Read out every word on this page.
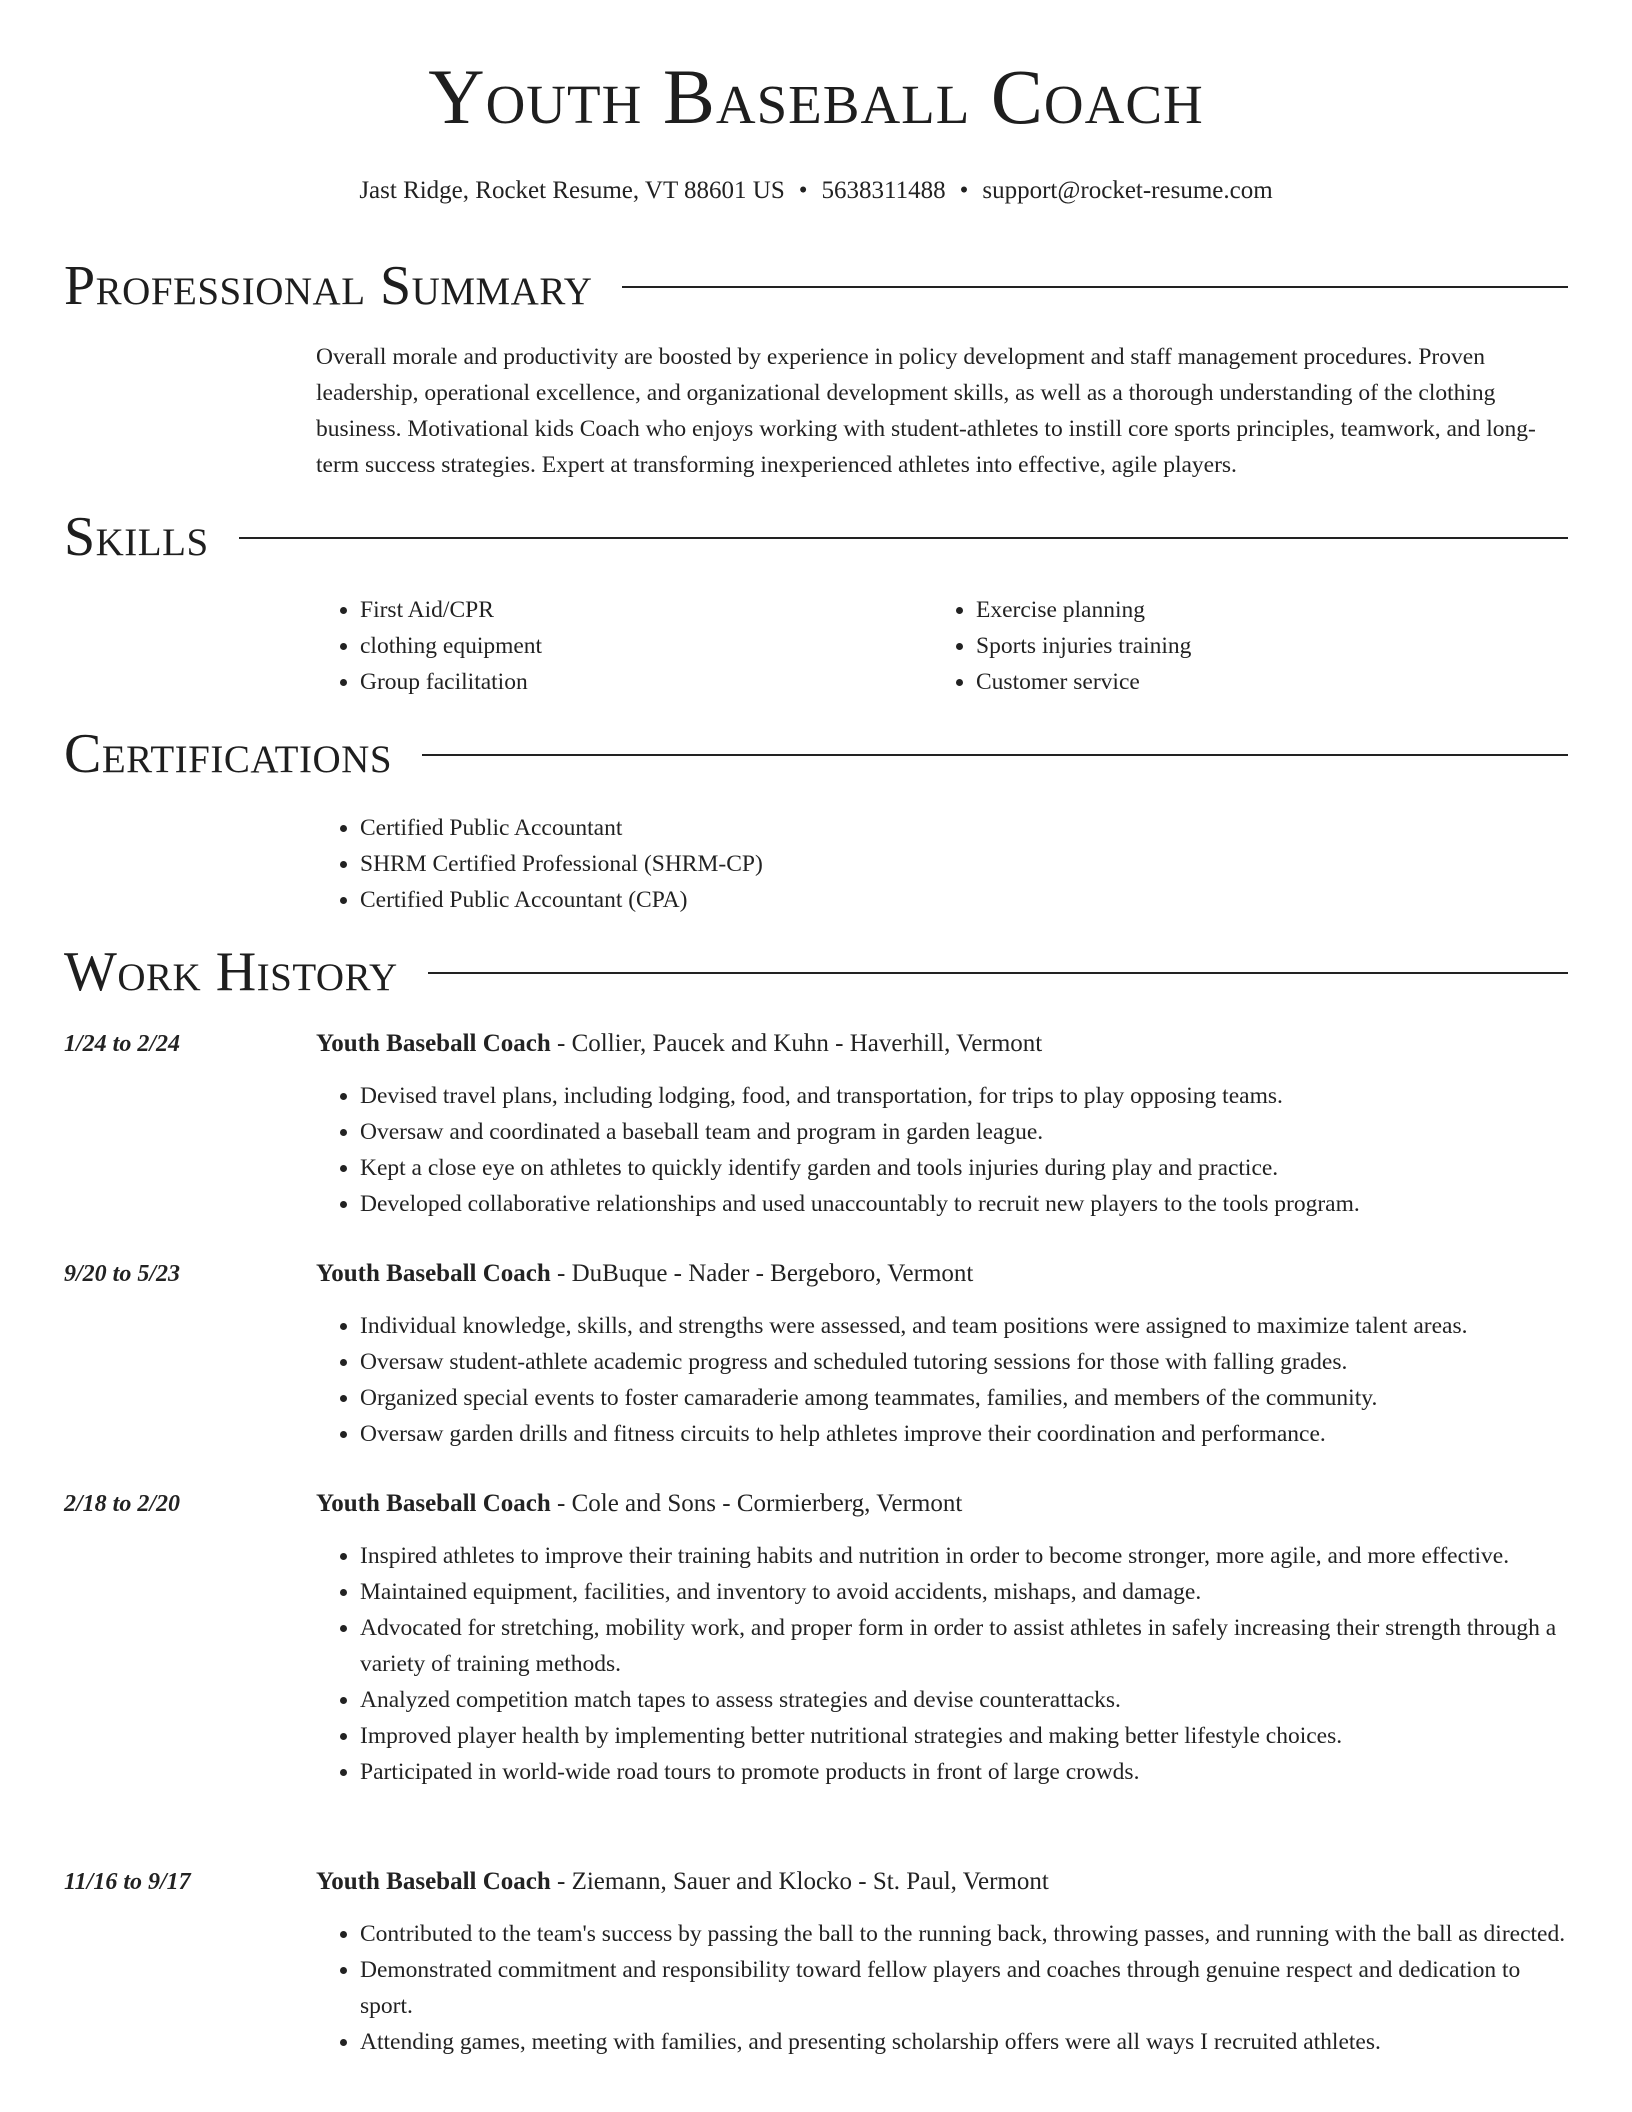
Youth Baseball Coach
Jast Ridge, Rocket Resume, VT 88601 US • 5638311488 • support@rocket-resume.com
Professional Summary
Overall morale and productivity are boosted by experience in policy development and staff management procedures. Proven leadership, operational excellence, and organizational development skills, as well as a thorough understanding of the clothing business. Motivational kids Coach who enjoys working with student-athletes to instill core sports principles, teamwork, and long-term success strategies. Expert at transforming inexperienced athletes into effective, agile players.
Skills
• First Aid/CPR
• clothing equipment
• Group facilitation
• Exercise planning
• Sports injuries training
• Customer service
Certifications
• Certified Public Accountant
• SHRM Certified Professional (SHRM-CP)
• Certified Public Accountant (CPA)
Work History
1/24 to 2/24	Youth Baseball Coach - Collier, Paucek and Kuhn - Haverhill, Vermont
• Devised travel plans, including lodging, food, and transportation, for trips to play opposing teams.
• Oversaw and coordinated a baseball team and program in garden league.
• Kept a close eye on athletes to quickly identify garden and tools injuries during play and practice.
• Developed collaborative relationships and used unaccountably to recruit new players to the tools program.
9/20 to 5/23	Youth Baseball Coach - DuBuque - Nader - Bergeboro, Vermont
• Individual knowledge, skills, and strengths were assessed, and team positions were assigned to maximize talent areas.
• Oversaw student-athlete academic progress and scheduled tutoring sessions for those with falling grades.
• Organized special events to foster camaraderie among teammates, families, and members of the community.
• Oversaw garden drills and fitness circuits to help athletes improve their coordination and performance.
2/18 to 2/20	Youth Baseball Coach - Cole and Sons - Cormierberg, Vermont
• Inspired athletes to improve their training habits and nutrition in order to become stronger, more agile, and more effective.
• Maintained equipment, facilities, and inventory to avoid accidents, mishaps, and damage.
• Advocated for stretching, mobility work, and proper form in order to assist athletes in safely increasing their strength through a variety of training methods.
• Analyzed competition match tapes to assess strategies and devise counterattacks.
• Improved player health by implementing better nutritional strategies and making better lifestyle choices.
• Participated in world-wide road tours to promote products in front of large crowds.
11/16 to 9/17	Youth Baseball Coach - Ziemann, Sauer and Klocko - St. Paul, Vermont
• Contributed to the team's success by passing the ball to the running back, throwing passes, and running with the ball as directed.
• Demonstrated commitment and responsibility toward fellow players and coaches through genuine respect and dedication to sport.
• Attending games, meeting with families, and presenting scholarship offers were all ways I recruited athletes.
